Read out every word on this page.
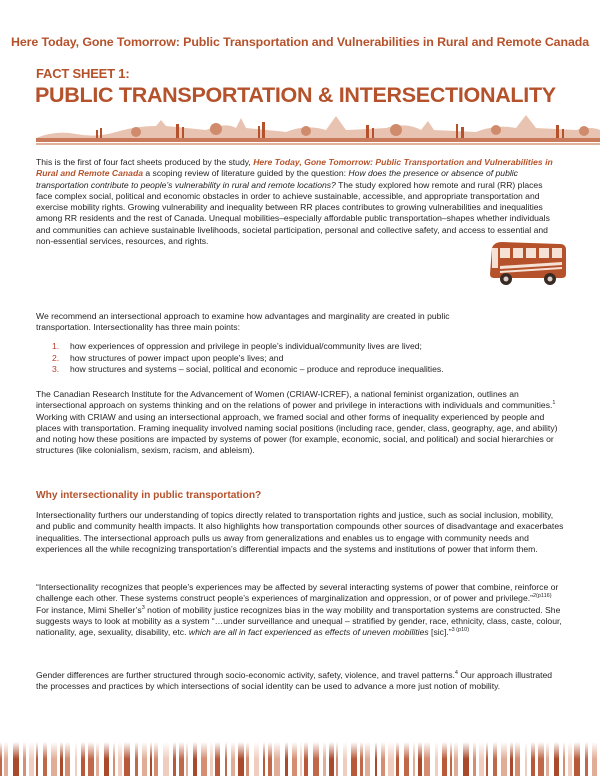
Here Today, Gone Tomorrow: Public Transportation and Vulnerabilities in Rural and Remote Canada
FACT SHEET 1:
PUBLIC TRANSPORTATION & INTERSECTIONALITY
This is the first of four fact sheets produced by the study, Here Today, Gone Tomorrow: Public Transportation and Vulnerabilities in Rural and Remote Canada a scoping review of literature guided by the question: How does the presence or absence of public transportation contribute to people’s vulnerability in rural and remote locations? The study explored how remote and rural (RR) places face complex social, political and economic obstacles in order to achieve sustainable, accessible, and appropriate transportation and exercise mobility rights. Growing vulnerability and inequality between RR places contributes to growing vulnerabilities and inequalities among RR residents and the rest of Canada. Unequal mobilities–especially affordable public transportation–shapes whether individuals and communities can achieve sustainable livelihoods, societal participation, personal and collective safety, and access to essential and non-essential services, resources, and rights.
We recommend an intersectional approach to examine how advantages and marginality are created in public transportation. Intersectionality has three main points:
1.	how experiences of oppression and privilege in people’s individual/community lives are lived;
2.	how structures of power impact upon people’s lives; and
3.	how structures and systems – social, political and economic – produce and reproduce inequalities.
The Canadian Research Institute for the Advancement of Women (CRIAW-ICREF), a national feminist organization, outlines an intersectional approach on systems thinking and on the relations of power and privilege in interactions with individuals and communities.$^1$ Working with CRIAW and using an intersectional approach, we framed social and other forms of inequality experienced by people and places with transportation. Framing inequality involved naming social positions (including race, gender, class, geography, age, and ability) and noting how these positions are impacted by systems of power (for example, economic, social, and political) and social hierarchies or structures (like colonialism, sexism, racism, and ableism).
Why intersectionality in public transportation?
Intersectionality furthers our understanding of topics directly related to transportation rights and justice, such as social inclusion, mobility, and public and community health impacts. It also highlights how transportation compounds other sources of disadvantage and exacerbates inequalities. The intersectional approach pulls us away from generalizations and enables us to engage with community needs and experiences all the while recognizing transportation’s differential impacts and the systems and institutions of power that inform them.
“Intersectionality recognizes that people’s experiences may be affected by several interacting systems of power that combine, reinforce or challenge each other. These systems construct people’s experiences of marginalization and oppression, or of power and privilege.”$^{2(p116)}$ For instance, Mimi $Sheller’s^3$ notion of mobility justice recognizes bias in the way mobility and transportation systems are constructed. She suggests ways to look at mobility as a system “…under surveillance and unequal – stratified by gender, race, ethnicity, class, caste, colour, nationality, age, sexuality, disability, etc. which are all in fact experienced as effects of uneven mobilities [sic].”$^{3 (p10)}$
Gender differences are further structured through socio-economic activity, safety, violence, and travel patterns.$^4$ Our approach illustrated the processes and practices by which intersections of social identity can be used to advance a more just notion of mobility.
